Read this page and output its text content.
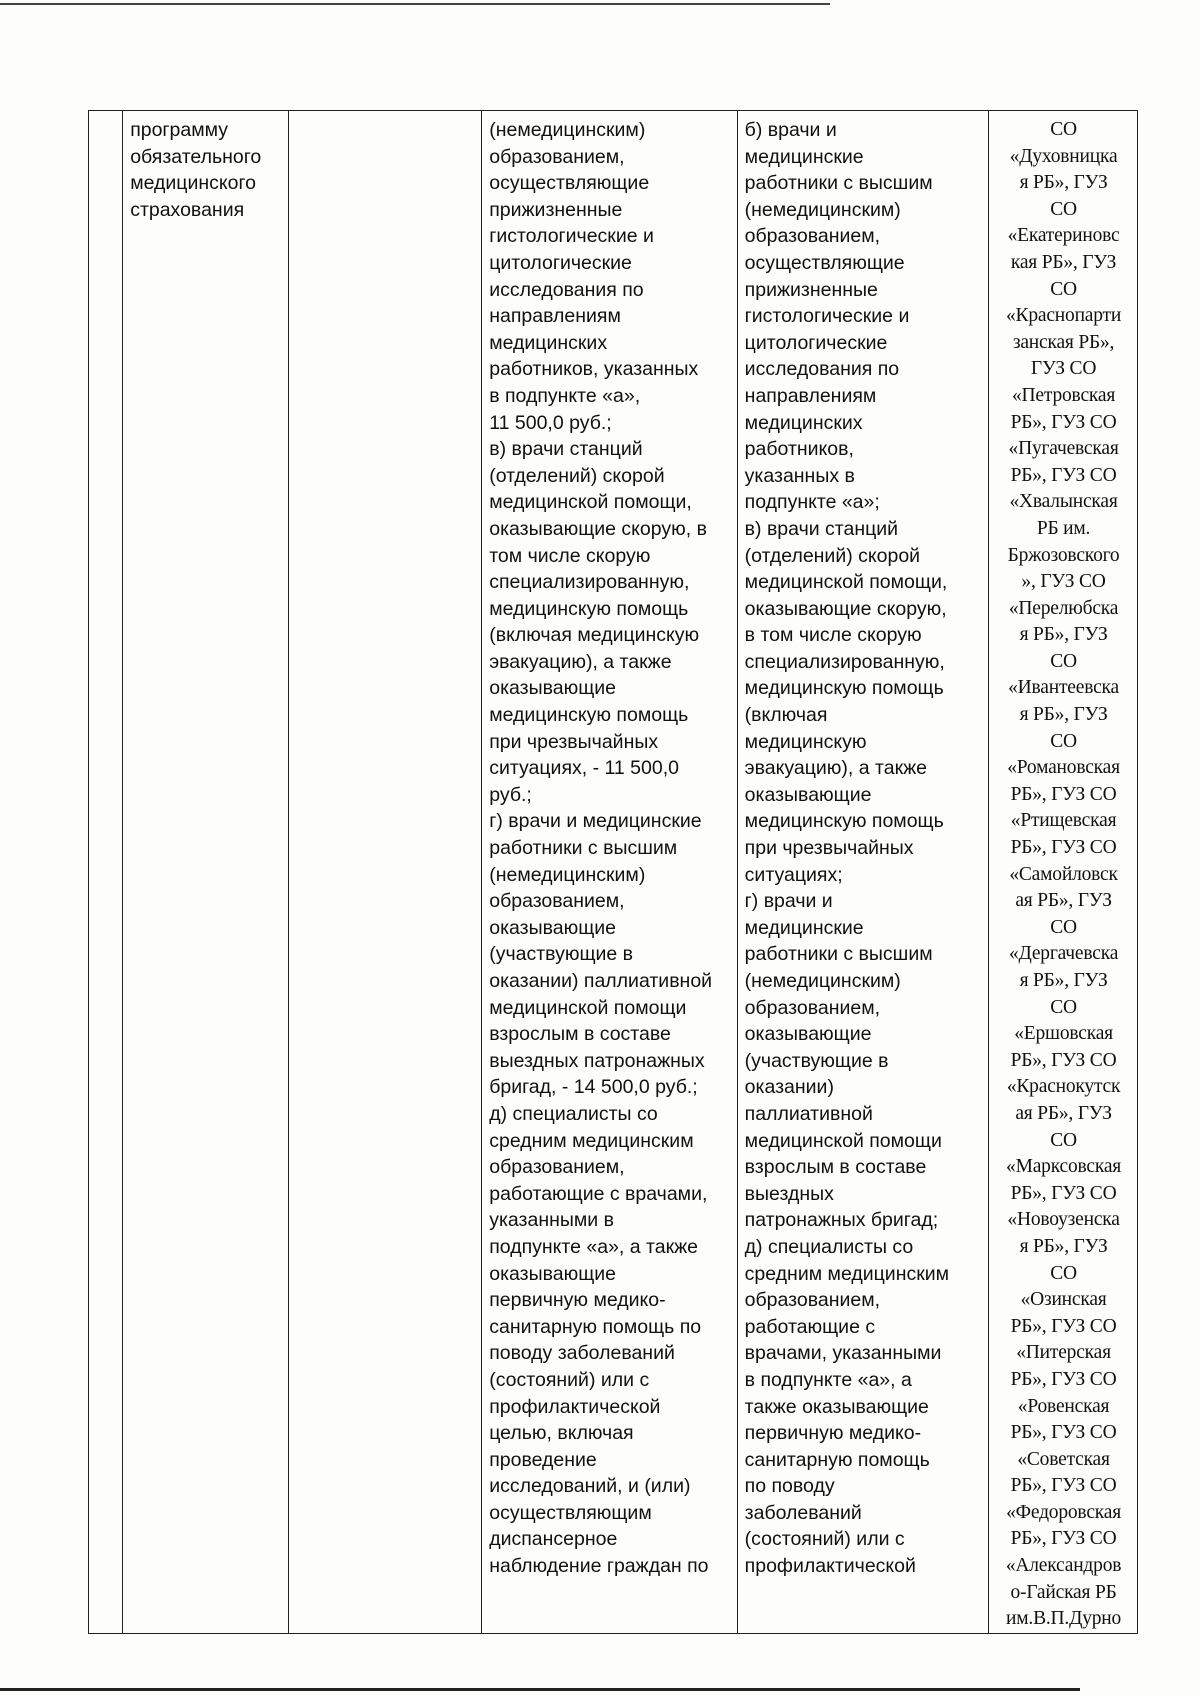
	программу
обязательного
медицинского
страхования		(немедицинским)
образованием,
осуществляющие
прижизненные
гистологические и
цитологические
исследования по
направлениям
медицинских
работников, указанных
в подпункте «а»,
11 500,0 руб.;
в) врачи станций
(отделений) скорой
медицинской помощи,
оказывающие скорую, в
том числе скорую
специализированную,
медицинскую помощь
(включая медицинскую
эвакуацию), а также
оказывающие
медицинскую помощь
при чрезвычайных
ситуациях, - 11 500,0
руб.;
г) врачи и медицинские
работники с высшим
(немедицинским)
образованием,
оказывающие
(участвующие в
оказании) паллиативной
медицинской помощи
взрослым в составе
выездных патронажных
бригад, - 14 500,0 руб.;
д) специалисты со
средним медицинским
образованием,
работающие с врачами,
указанными в
подпункте «а», а также
оказывающие
первичную медико-
санитарную помощь по
поводу заболеваний
(состояний) или с
профилактической
целью, включая
проведение
исследований, и (или)
осуществляющим
диспансерное
наблюдение граждан по	б) врачи и
медицинские
работники с высшим
(немедицинским)
образованием,
осуществляющие
прижизненные
гистологические и
цитологические
исследования по
направлениям
медицинских
работников,
указанных в
подпункте «а»;
в) врачи станций
(отделений) скорой
медицинской помощи,
оказывающие скорую,
в том числе скорую
специализированную,
медицинскую помощь
(включая
медицинскую
эвакуацию), а также
оказывающие
медицинскую помощь
при чрезвычайных
ситуациях;
г) врачи и
медицинские
работники с высшим
(немедицинским)
образованием,
оказывающие
(участвующие в
оказании)
паллиативной
медицинской помощи
взрослым в составе
выездных
патронажных бригад;
д) специалисты со
средним медицинским
образованием,
работающие с
врачами, указанными
в подпункте «а», а
также оказывающие
первичную медико-
санитарную помощь
по поводу
заболеваний
(состояний) или с
профилактической	СО
«Духовницка
я РБ», ГУЗ
СО
«Екатериновс
кая РБ», ГУЗ
СО
«Краснопарти
занская РБ»,
ГУЗ СО
«Петровская
РБ», ГУЗ СО
«Пугачевская
РБ», ГУЗ СО
«Хвалынская
РБ им.
Бржозовского
», ГУЗ СО
«Перелюбска
я РБ», ГУЗ
СО
«Ивантеевска
я РБ», ГУЗ
СО
«Романовская
РБ», ГУЗ СО
«Ртищевская
РБ», ГУЗ СО
«Самойловск
ая РБ», ГУЗ
СО
«Дергачевска
я РБ», ГУЗ
СО
«Ершовская
РБ», ГУЗ СО
«Краснокутск
ая РБ», ГУЗ
СО
«Марксовская
РБ», ГУЗ СО
«Новоузенска
я РБ», ГУЗ
СО
«Озинская
РБ», ГУЗ СО
«Питерская
РБ», ГУЗ СО
«Ровенская
РБ», ГУЗ СО
«Советская
РБ», ГУЗ СО
«Федоровская
РБ», ГУЗ СО
«Александров
о-Гайская РБ
им.В.П.Дурно
